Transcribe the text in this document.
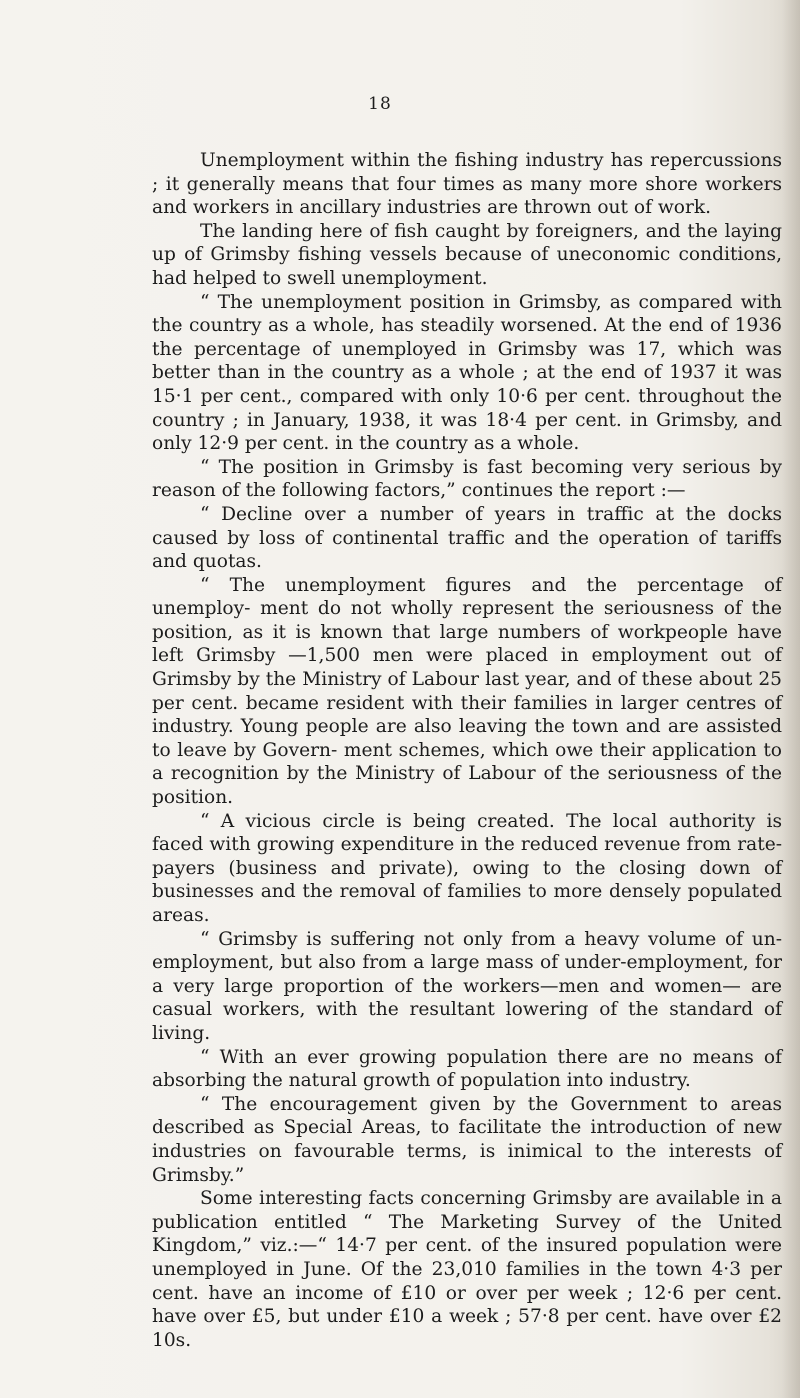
18

Unemployment within the fishing industry has repercussions ; it generally means that four times as many more shore workers and workers in ancillary industries are thrown out of work.

The landing here of fish caught by foreigners, and the laying up of Grimsby fishing vessels because of uneconomic conditions, had helped to swell unemployment.

“ The unemployment position in Grimsby, as compared with the country as a whole, has steadily worsened. At the end of 1936 the percentage of unemployed in Grimsby was 17, which was better than in the country as a whole ; at the end of 1937 it was 15·1 per cent., compared with only 10·6 per cent. throughout the country ; in January, 1938, it was 18·4 per cent. in Grimsby, and only 12·9 per cent. in the country as a whole.

“ The position in Grimsby is fast becoming very serious by reason of the following factors,” continues the report :—

“ Decline over a number of years in traffic at the docks caused by loss of continental traffic and the operation of tariffs and quotas.

“ The unemployment figures and the percentage of unemploy- ment do not wholly represent the seriousness of the position, as it is known that large numbers of workpeople have left Grimsby —1,500 men were placed in employment out of Grimsby by the Ministry of Labour last year, and of these about 25 per cent. became resident with their families in larger centres of industry. Young people are also leaving the town and are assisted to leave by Govern- ment schemes, which owe their application to a recognition by the Ministry of Labour of the seriousness of the position.

“ A vicious circle is being created. The local authority is faced with growing expenditure in the reduced revenue from rate- payers (business and private), owing to the closing down of businesses and the removal of families to more densely populated areas.

“ Grimsby is suffering not only from a heavy volume of un- employment, but also from a large mass of under-employment, for a very large proportion of the workers—men and women— are casual workers, with the resultant lowering of the standard of living.

“ With an ever growing population there are no means of absorbing the natural growth of population into industry.

“ The encouragement given by the Government to areas described as Special Areas, to facilitate the introduction of new industries on favourable terms, is inimical to the interests of Grimsby.”

Some interesting facts concerning Grimsby are available in a publication entitled “ The Marketing Survey of the United Kingdom,” viz.:—“ 14·7 per cent. of the insured population were unemployed in June. Of the 23,010 families in the town 4·3 per cent. have an income of £10 or over per week ; 12·6 per cent. have over £5, but under £10 a week ; 57·8 per cent. have over £2 10s.
